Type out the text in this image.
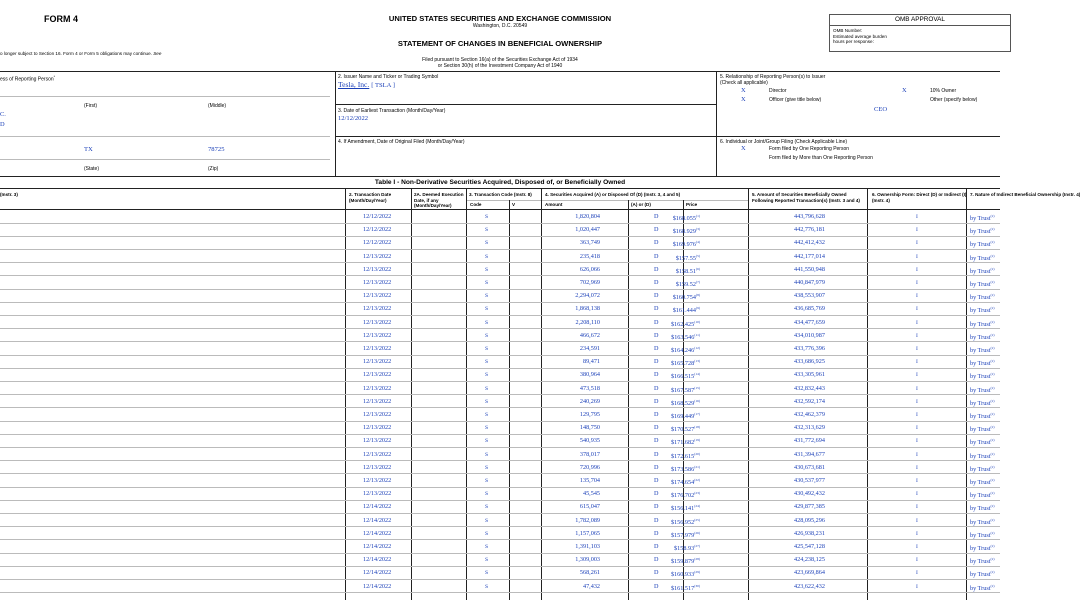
FORM 4
o longer subject to Section 16. Form 4 or Form 5 obligations may continue. See
UNITED STATES SECURITIES AND EXCHANGE COMMISSION
Washington, D.C. 20549
STATEMENT OF CHANGES IN BENEFICIAL OWNERSHIP
Filed pursuant to Section 16(a) of the Securities Exchange Act of 1934
or Section 30(h) of the Investment Company Act of 1940
OMB APPROVAL
OMB Number:
Estimated average burden
hours per response:
ess of Reporting Person*
(First)	(Middle)
C.
D
TX	78725
(State)	(Zip)
2. Issuer Name and Ticker or Trading Symbol
Tesla, Inc. [ TSLA ]
3. Date of Earliest Transaction (Month/Day/Year)
12/12/2022
4. If Amendment, Date of Original Filed (Month/Day/Year)
5. Relationship of Reporting Person(s) to Issuer
(Check all applicable)
X	Director	X	10% Owner
X	Officer (give title below)	Other (specify below)
CEO
6. Individual or Joint/Group Filing (Check Applicable Line)
X	Form filed by One Reporting Person
Form filed by More than One Reporting Person
Table I - Non-Derivative Securities Acquired, Disposed of, or Beneficially Owned
(Instr. 3)	2. Transaction Date (Month/Day/Year)
2A. Deemed Execution Date, if any (Month/Day/Year)
3. Transaction Code (Instr. 8)	4. Securities Acquired (A) or Disposed Of (D) (Instr. 3, 4 and 5)	5. Amount of Securities Beneficially Owned Following Reported Transaction(s) (Instr. 3 and 4)
6. Ownership Form: Direct (D) or Indirect (I) (Instr. 4)
7. Nature of Indirect Beneficial Ownership (Instr. 4)
Code	V	Amount	(A) or (D)	Price
12/12/2022	S	1,820,804	D $168.055$^{(1)}$	443,796,628	I	by Trust$^{(2)}$
12/12/2022	S	1,020,447	D $168.929$^{(3)}$	442,776,181	I	by Trust$^{(2)}$
12/12/2022	S	363,749	D $169.976$^{(4)}$	442,412,432	I	by Trust$^{(2)}$
12/13/2022	S	235,418	D	$157.55$^{(5)}$	442,177,014	I	by Trust$^{(2)}$
12/13/2022	S	626,066	D	$158.51$^{(6)}$	441,550,948	I	by Trust$^{(2)}$
12/13/2022	S	702,969	D	$159.52$^{(7)}$	440,847,979	I	by Trust$^{(2)}$
12/13/2022	S	2,294,072	D $160.754$^{(8)}$	438,553,907	I	by Trust$^{(2)}$
12/13/2022	S	1,868,138	D $161.444$^{(9)}$	436,685,769	I	by Trust$^{(2)}$
12/13/2022	S	2,208,110	D $162.425$^{(10)}$	434,477,659	I	by Trust$^{(2)}$
12/13/2022	S	466,672	D $163.546$^{(11)}$	434,010,987	I	by Trust$^{(2)}$
12/13/2022	S	234,591	D $164.246$^{(12)}$	433,776,396	I	by Trust$^{(2)}$
12/13/2022	S	89,471	D $165.728$^{(13)}$	433,686,925	I	by Trust$^{(2)}$
12/13/2022	S	380,964	D $166.515$^{(14)}$	433,305,961	I	by Trust$^{(2)}$
12/13/2022	S	473,518	D $167.587$^{(15)}$	432,832,443	I	by Trust$^{(2)}$
12/13/2022	S	240,269	D $168.529$^{(16)}$	432,592,174	I	by Trust$^{(2)}$
12/13/2022	S	129,795	D $169.449$^{(17)}$	432,462,379	I	by Trust$^{(2)}$
12/13/2022	S	148,750	D $170.527$^{(18)}$	432,313,629	I	by Trust$^{(2)}$
12/13/2022	S	540,935	D $171.682$^{(19)}$	431,772,694	I	by Trust$^{(2)}$
12/13/2022	S	378,017	D $172.615$^{(20)}$	431,394,677	I	by Trust$^{(2)}$
12/13/2022	S	720,996	D $173.586$^{(21)}$	430,673,681	I	by Trust$^{(2)}$
12/13/2022	S	135,704	D $174.654$^{(22)}$	430,537,977	I	by Trust$^{(2)}$
12/13/2022	S	45,545	D $176.702$^{(23)}$	430,492,432	I	by Trust$^{(2)}$
12/14/2022	S	615,047	D $156.141$^{(24)}$	429,877,385	I	by Trust$^{(2)}$
12/14/2022	S	1,782,089	D $156.952$^{(25)}$	428,095,296	I	by Trust$^{(2)}$
12/14/2022	S	1,157,065	D $157.979$^{(26)}$	426,938,231	I	by Trust$^{(2)}$
12/14/2022	S	1,391,103	D	$158.93$^{(27)}$	425,547,128	I	by Trust$^{(2)}$
12/14/2022	S	1,309,003	D $159.879$^{(28)}$	424,238,125	I	by Trust$^{(2)}$
12/14/2022	S	568,261	D $160.933$^{(29)}$	423,669,864	I	by Trust$^{(2)}$
12/14/2022	S	47,432	D $161.517$^{(30)}$	423,622,432	I	by Trust$^{(2)}$
